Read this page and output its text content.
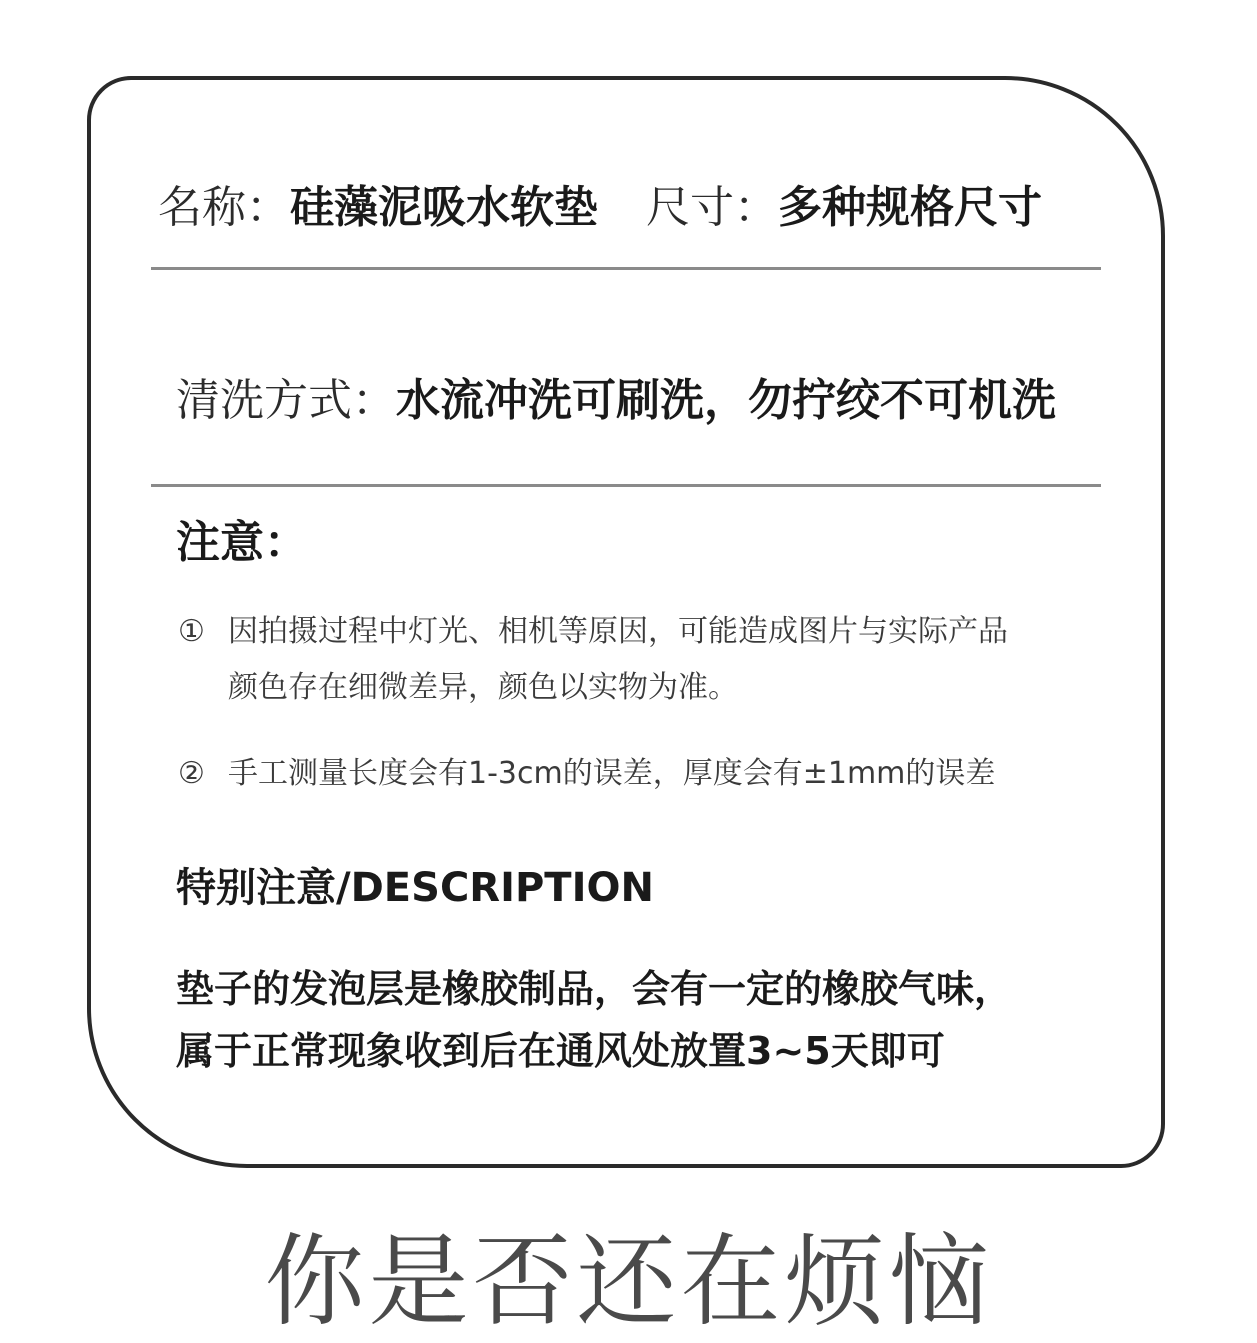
名称：硅藻泥吸水软垫 尺寸：多种规格尺寸
清洗方式：水流冲洗可刷洗，勿拧绞不可机洗
注意：
① 因拍摄过程中灯光、相机等原因，可能造成图片与实际产品
颜色存在细微差异，颜色以实物为准。
② 手工测量长度会有1-3cm的误差，厚度会有±1mm的误差
特别注意/DESCRIPTION
垫子的发泡层是橡胶制品，会有一定的橡胶气味，
属于正常现象收到后在通风处放置3~5天即可
你是否还在烦恼
